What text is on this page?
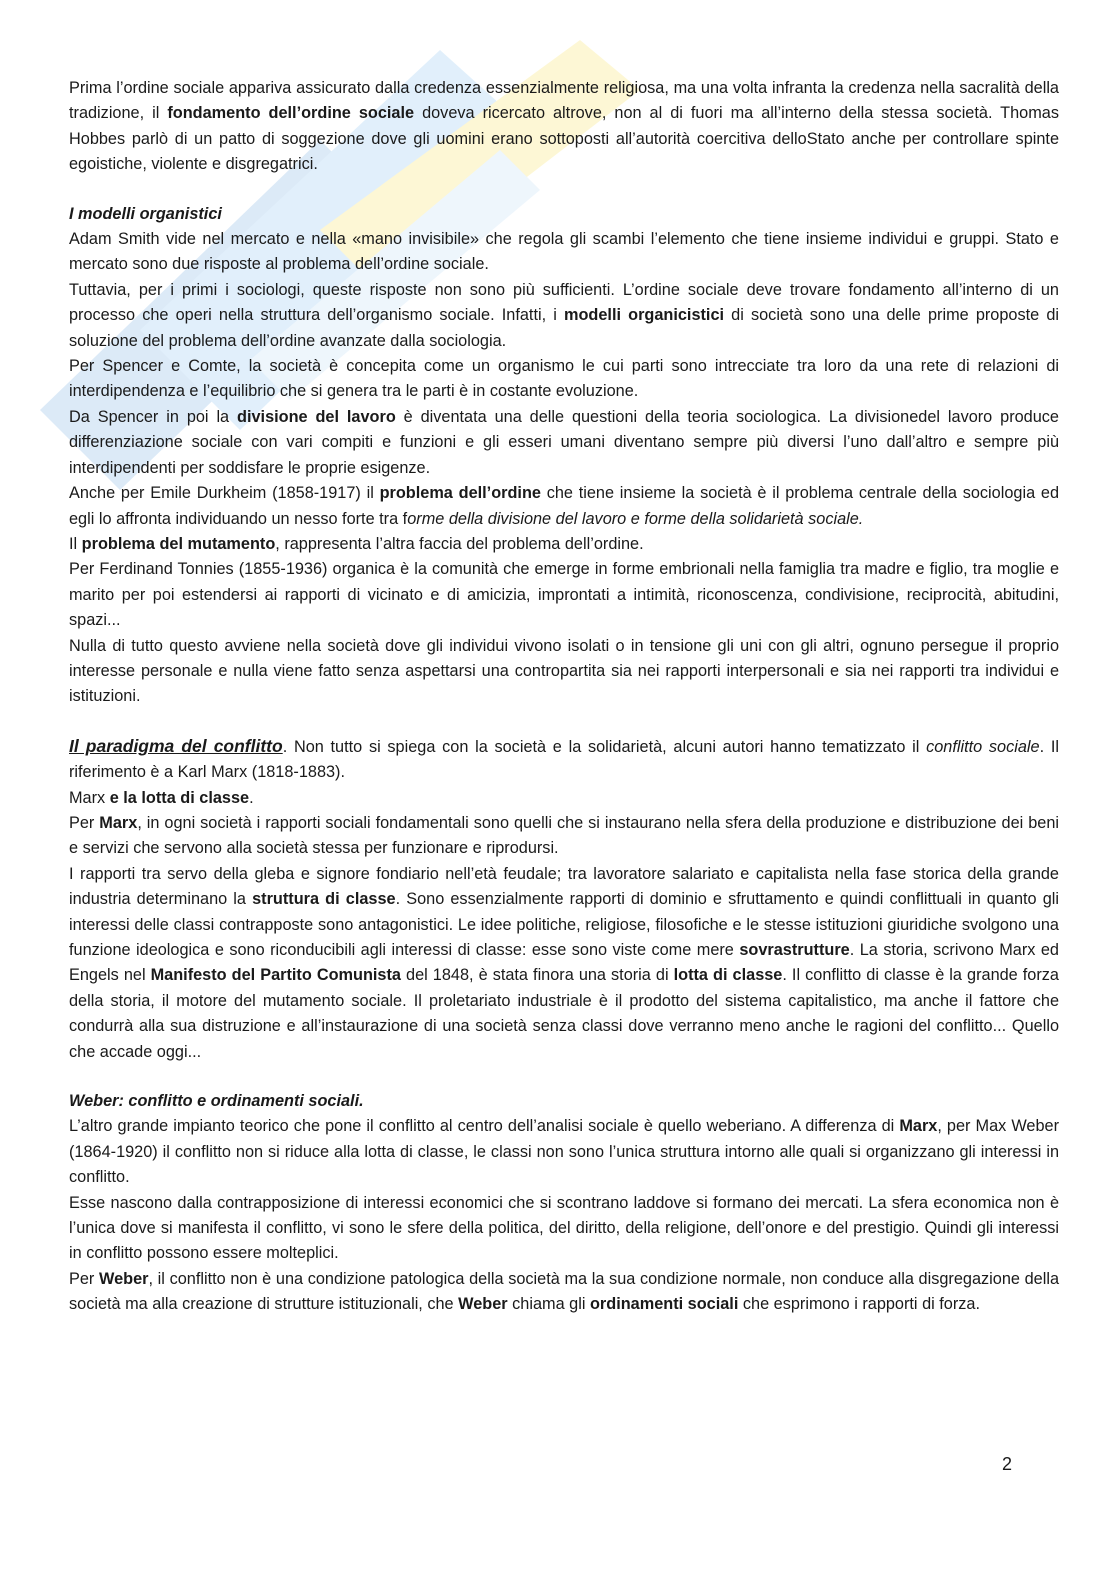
Prima l’ordine sociale appariva assicurato dalla credenza essenzialmente religiosa, ma una volta infranta la credenza nella sacralità della tradizione, il fondamento dell’ordine sociale doveva ricercato altrove, non al di fuori ma all’interno della stessa società. Thomas Hobbes parlò di un patto di soggezione dove gli uomini erano sottoposti all’autorità coercitiva delloStato anche per controllare spinte egoistiche, violente e disgregatrici.

I modelli organistici

Adam Smith vide nel mercato e nella «mano invisibile» che regola gli scambi l’elemento che tiene insieme individui e gruppi. Stato e mercato sono due risposte al problema dell’ordine sociale.

Tuttavia, per i primi i sociologi, queste risposte non sono più sufficienti. L’ordine sociale deve trovare fondamento all’interno di un processo che operi nella struttura dell’organismo sociale. Infatti, i modelli organicistici di società sono una delle prime proposte di soluzione del problema dell’ordine avanzate dalla sociologia.

Per Spencer e Comte, la società è concepita come un organismo le cui parti sono intrecciate tra loro da una rete di relazioni di interdipendenza e l’equilibrio che si genera tra le parti è in costante evoluzione.

Da Spencer in poi la divisione del lavoro è diventata una delle questioni della teoria sociologica. La divisionedel lavoro produce differenziazione sociale con vari compiti e funzioni e gli esseri umani diventano sempre più diversi l’uno dall’altro e sempre più interdipendenti per soddisfare le proprie esigenze.

Anche per Emile Durkheim (1858-1917) il problema dell’ordine che tiene insieme la società è il problema centrale della sociologia ed egli lo affronta individuando un nesso forte tra forme della divisione del lavoro e forme della solidarietà sociale.

Il problema del mutamento, rappresenta l’altra faccia del problema dell’ordine.

Per Ferdinand Tonnies (1855-1936) organica è la comunità che emerge in forme embrionali nella famiglia tra madre e figlio, tra moglie e marito per poi estendersi ai rapporti di vicinato e di amicizia, improntati a intimità, riconoscenza, condivisione, reciprocità, abitudini, spazi...

Nulla di tutto questo avviene nella società dove gli individui vivono isolati o in tensione gli uni con gli altri, ognuno persegue il proprio interesse personale e nulla viene fatto senza aspettarsi una contropartita sia nei rapporti interpersonali e sia nei rapporti tra individui e istituzioni.

Il paradigma del conflitto. Non tutto si spiega con la società e la solidarietà, alcuni autori hanno tematizzato il conflitto sociale. Il riferimento è a Karl Marx (1818-1883).

Marx e la lotta di classe.

Per Marx, in ogni società i rapporti sociali fondamentali sono quelli che si instaurano nella sfera della produzione e distribuzione dei beni e servizi che servono alla società stessa per funzionare e riprodursi.

I rapporti tra servo della gleba e signore fondiario nell’età feudale; tra lavoratore salariato e capitalista nella fase storica della grande industria determinano la struttura di classe. Sono essenzialmente rapporti di dominio e sfruttamento e quindi conflittuali in quanto gli interessi delle classi contrapposte sono antagonistici. Le idee politiche, religiose, filosofiche e le stesse istituzioni giuridiche svolgono una funzione ideologica e sono riconducibili agli interessi di classe: esse sono viste come mere sovrastrutture. La storia, scrivono Marx ed Engels nel Manifesto del Partito Comunista del 1848, è stata finora una storia di lotta di classe. Il conflitto di classe è la grande forza della storia, il motore del mutamento sociale. Il proletariato industriale è il prodotto del sistema capitalistico, ma anche il fattore che condurrà alla sua distruzione e all’instaurazione di una società senza classi dove verranno meno anche le ragioni del conflitto... Quello che accade oggi...

Weber: conflitto e ordinamenti sociali.

L’altro grande impianto teorico che pone il conflitto al centro dell’analisi sociale è quello weberiano. A differenza di Marx, per Max Weber (1864-1920) il conflitto non si riduce alla lotta di classe, le classi non sono l’unica struttura intorno alle quali si organizzano gli interessi in conflitto.

Esse nascono dalla contrapposizione di interessi economici che si scontrano laddove si formano dei mercati. La sfera economica non è l’unica dove si manifesta il conflitto, vi sono le sfere della politica, del diritto, della religione, dell’onore e del prestigio. Quindi gli interessi in conflitto possono essere molteplici.

Per Weber, il conflitto non è una condizione patologica della società ma la sua condizione normale, non conduce alla disgregazione della società ma alla creazione di strutture istituzionali, che Weber chiama gli ordinamenti sociali che esprimono i rapporti di forza.

2
